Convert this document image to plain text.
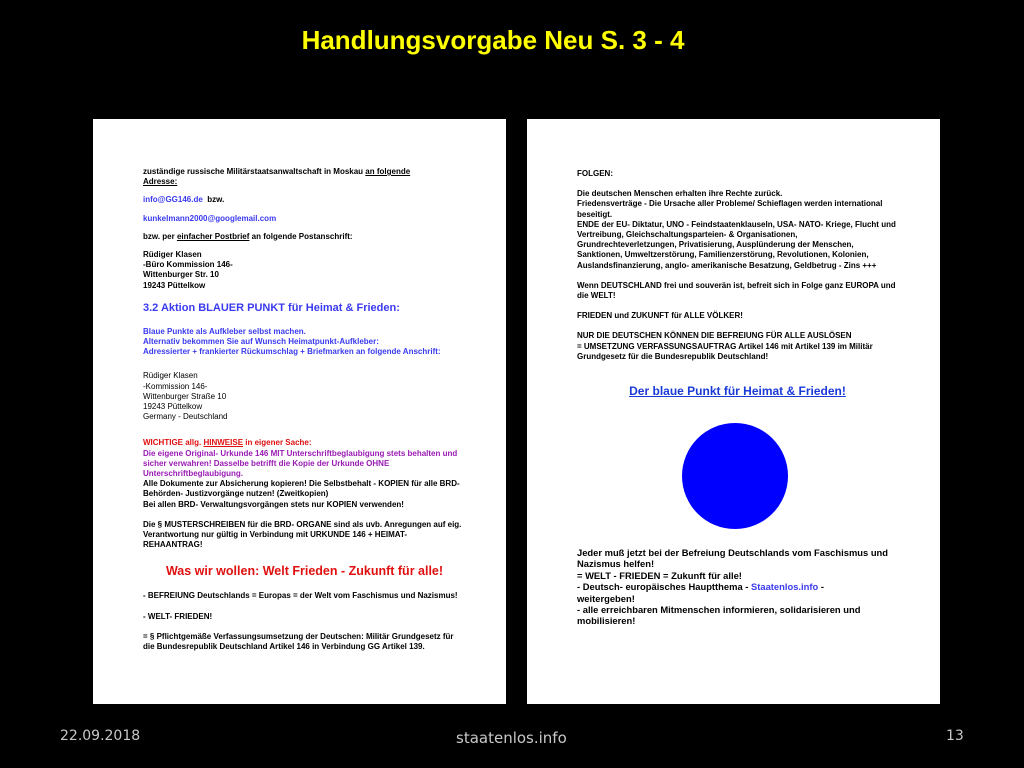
Handlungsvorgabe Neu S. 3 - 4
zuständige russische Militärstaatsanwaltschaft in Moskau an folgende
Adresse:
info@GG146.de bzw.
kunkelmann2000@googlemail.com
bzw. per einfacher Postbrief an folgende Postanschrift:
Rüdiger Klasen
-Büro Kommission 146-
Wittenburger Str. 10
19243 Püttelkow
3.2 Aktion BLAUER PUNKT für Heimat & Frieden:
Blaue Punkte als Aufkleber selbst machen.
Alternativ bekommen Sie auf Wunsch Heimatpunkt-Aufkleber:
Adressierter + frankierter Rückumschlag + Briefmarken an folgende Anschrift:
Rüdiger Klasen
-Kommission 146-
Wittenburger Straße 10
19243 Püttelkow
Germany - Deutschland
WICHTIGE allg. HINWEISE in eigener Sache:
Die eigene Original- Urkunde 146 MIT Unterschriftbeglaubigung stets behalten und sicher verwahren! Dasselbe betrifft die Kopie der Urkunde OHNE Unterschriftbeglaubigung.
Alle Dokumente zur Absicherung kopieren! Die Selbstbehalt - KOPIEN für alle BRD- Behörden- Justizvorgänge nutzen! (Zweitkopien)
Bei allen BRD- Verwaltungsvorgängen stets nur KOPIEN verwenden!
Die § MUSTERSCHREIBEN für die BRD- ORGANE sind als uvb. Anregungen auf eig. Verantwortung nur gültig in Verbindung mit URKUNDE 146 + HEIMAT-REHAANTRAG!
Was wir wollen: Welt Frieden - Zukunft für alle!
- BEFREIUNG Deutschlands = Europas = der Welt vom Faschismus und Nazismus!
- WELT- FRIEDEN!
= § Pflichtgemäße Verfassungsumsetzung der Deutschen: Militär Grundgesetz für die Bundesrepublik Deutschland Artikel 146 in Verbindung GG Artikel 139.
FOLGEN:
Die deutschen Menschen erhalten ihre Rechte zurück.
Friedensverträge - Die Ursache aller Probleme/ Schieflagen werden international beseitigt.
ENDE der EU- Diktatur, UNO - Feindstaatenklauseln, USA- NATO- Kriege, Flucht und Vertreibung, Gleichschaltungsparteien- & Organisationen, Grundrechteverletzungen, Privatisierung, Ausplünderung der Menschen, Sanktionen, Umweltzerstörung, Familienzerstörung, Revolutionen, Kolonien, Auslandsfinanzierung, anglo- amerikanische Besatzung, Geldbetrug - Zins +++
Wenn DEUTSCHLAND frei und souverän ist, befreit sich in Folge ganz EUROPA und die WELT!
FRIEDEN und ZUKUNFT für ALLE VÖLKER!
NUR DIE DEUTSCHEN KÖNNEN DIE BEFREIUNG FÜR ALLE AUSLÖSEN
= UMSETZUNG VERFASSUNGSAUFTRAG Artikel 146 mit Artikel 139 im Militär Grundgesetz für die Bundesrepublik Deutschland!
Der blaue Punkt für Heimat & Frieden!
Jeder muß jetzt bei der Befreiung Deutschlands vom Faschismus und Nazismus helfen!
= WELT - FRIEDEN = Zukunft für alle!
- Deutsch- europäisches Hauptthema - Staatenlos.info -
weitergeben!
- alle erreichbaren Mitmenschen informieren, solidarisieren und mobilisieren!
22.09.2018	staatenlos.info	13
